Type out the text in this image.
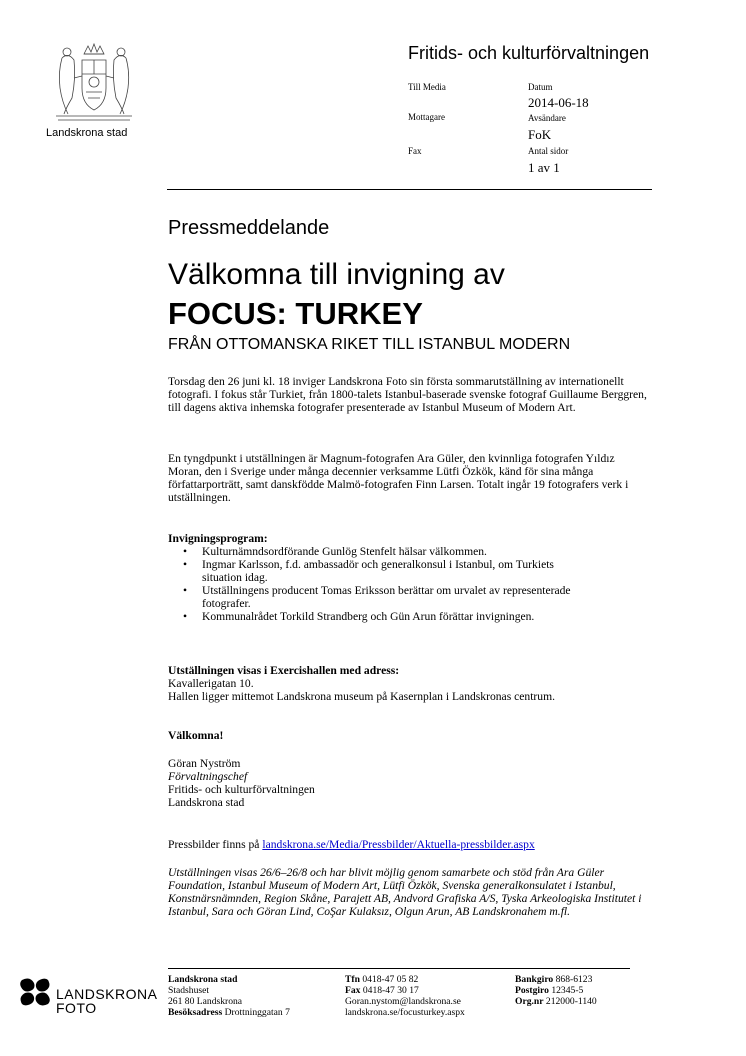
Landskrona stad
Fritids- och kulturförvaltningen
Till Media
Mottagare
Fax
Datum
2014-06-18
Avsändare
FoK
Antal sidor
1 av 1
Pressmeddelande
Välkomna till invigning av
FOCUS: TURKEY
FRÅN OTTOMANSKA RIKET TILL ISTANBUL MODERN

Torsdag den 26 juni kl. 18 inviger Landskrona Foto sin första sommarutställning av internationellt fotografi. I fokus står Turkiet, från 1800-talets Istanbul-baserade svenske fotograf Guillaume Berggren, till dagens aktiva inhemska fotografer presenterade av Istanbul Museum of Modern Art.

En tyngdpunkt i utställningen är Magnum-fotografen Ara Güler, den kvinnliga fotografen Yıldız Moran, den i Sverige under många decennier verksamme Lütfi Özkök, känd för sina många författarporträtt, samt danskfödde Malmö-fotografen Finn Larsen. Totalt ingår 19 fotografers verk i utställningen.

Invigningsprogram:

• Kulturnämndsordförande Gunlög Stenfelt hälsar välkommen.
• Ingmar Karlsson, f.d. ambassadör och generalkonsul i Istanbul, om Turkiets situation idag.
• Utställningens producent Tomas Eriksson berättar om urvalet av representerade fotografer.
• Kommunalrådet Torkild Strandberg och Gün Arun förättar invigningen.

Utställningen visas i Exercishallen med adress:

Kavallerigatan 10.

Hallen ligger mittemot Landskrona museum på Kasernplan i Landskronas centrum.

Välkomna!

Göran Nyström

Förvaltningschef

Fritids- och kulturförvaltningen

Landskrona stad

Pressbilder finns på landskrona.se/Media/Pressbilder/Aktuella-pressbilder.aspx
Utställningen visas 26/6–26/8 och har blivit möjlig genom samarbete och stöd från Ara Güler Foundation, Istanbul Museum of Modern Art, Lütfi Özkök, Svenska generalkonsulatet i Istanbul, Konstnärsnämnden, Region Skåne, Parajett AB, Andvord Grafiska A/S, Tyska Arkeologiska Institutet i Istanbul, Sara och Göran Lind, CoŞar Kulaksız, Olgun Arun, AB Landskronahem m.fl.
LANDSKRONA
FOTO
Landskrona stad
Stadshuset
261 80 Landskrona
Besöksadress Drottninggatan 7
Tfn 0418-47 05 82
Fax 0418-47 30 17
Goran.nystom@landskrona.se
landskrona.se/focusturkey.aspx
Bankgiro 868-6123
Postgiro 12345-5
Org.nr 212000-1140
